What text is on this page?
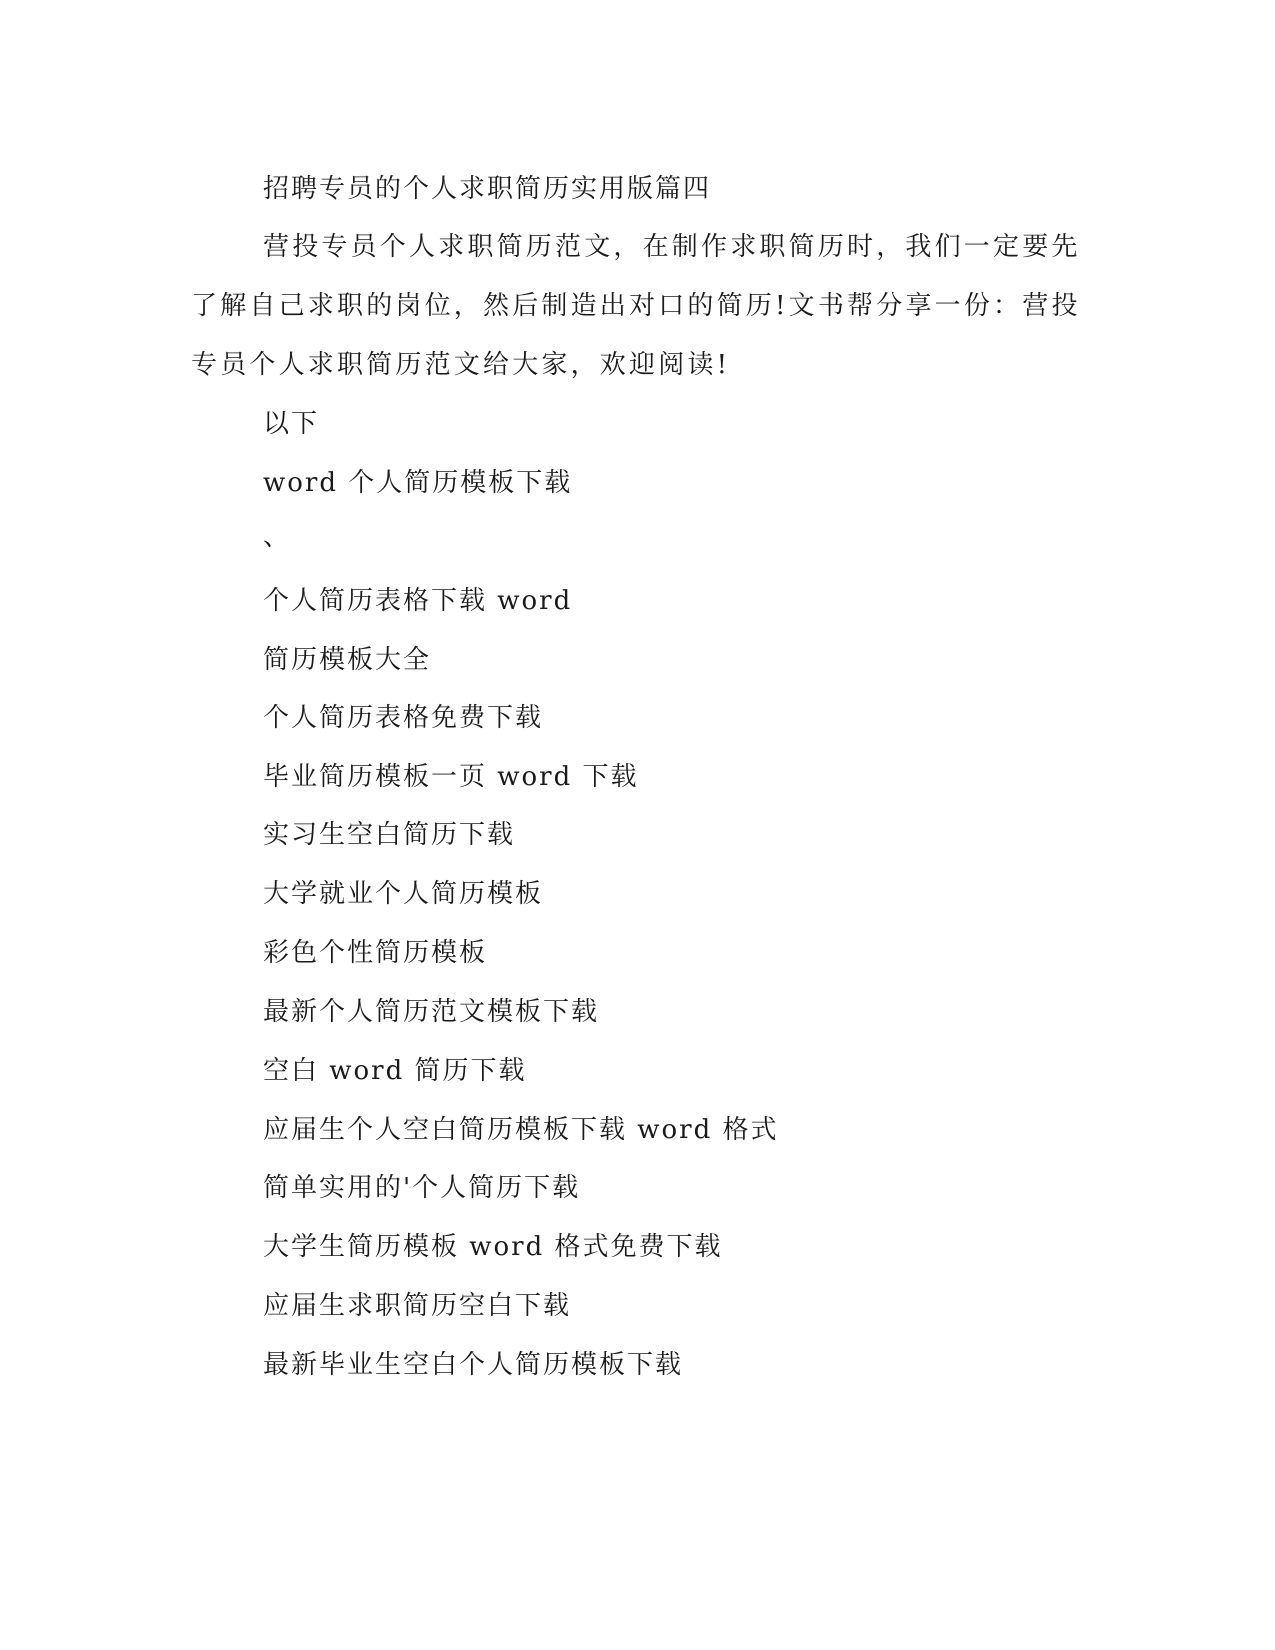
招聘专员的个人求职简历实用版篇四
营投专员个人求职简历范文，在制作求职简历时，我们一定要先
了解自己求职的岗位，然后制造出对口的简历!文书帮分享一份：营投
专员个人求职简历范文给大家，欢迎阅读!
以下
word 个人简历模板下载
、
个人简历表格下载 word
简历模板大全
个人简历表格免费下载
毕业简历模板一页 word 下载
实习生空白简历下载
大学就业个人简历模板
彩色个性简历模板
最新个人简历范文模板下载
空白 word 简历下载
应届生个人空白简历模板下载 word 格式
简单实用的'个人简历下载
大学生简历模板 word 格式免费下载
应届生求职简历空白下载
最新毕业生空白个人简历模板下载
